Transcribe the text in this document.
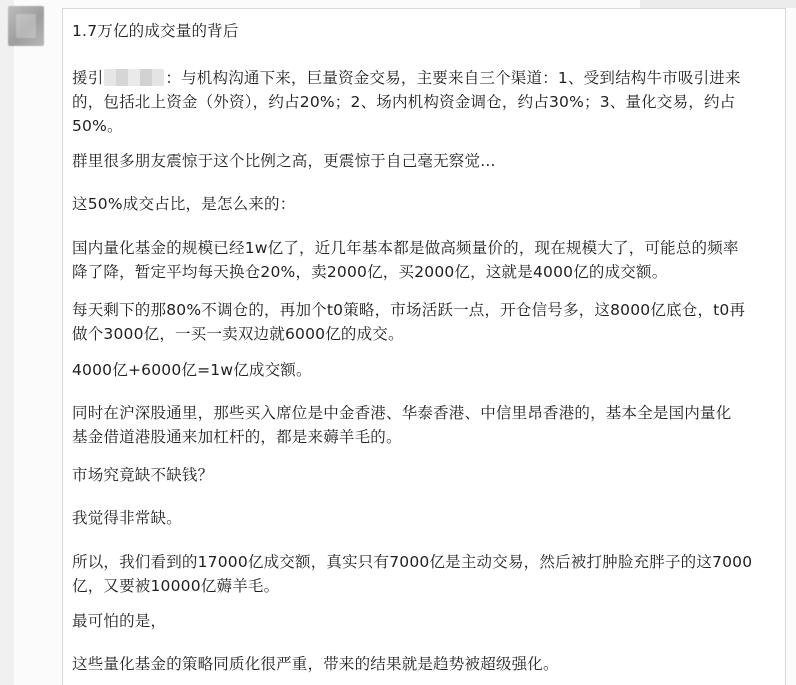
1.7万亿的成交量的背后

援引	：与机构沟通下来，巨量资金交易，主要来自三个渠道：1、受到结构牛市吸引进来
的，包括北上资金（外资），约占20%；2、场内机构资金调仓，约占30%；3、量化交易，约占
50%。

群里很多朋友震惊于这个比例之高，更震惊于自己毫无察觉...

这50%成交占比，是怎么来的：

国内量化基金的规模已经1w亿了，近几年基本都是做高频量价的，现在规模大了，可能总的频率
降了降，暂定平均每天换仓20%，卖2000亿，买2000亿，这就是4000亿的成交额。

每天剩下的那80%不调仓的，再加个t0策略，市场活跃一点，开仓信号多，这8000亿底仓，t0再
做个3000亿，一买一卖双边就6000亿的成交。

4000亿+6000亿=1w亿成交额。

同时在沪深股通里，那些买入席位是中金香港、华泰香港、中信里昂香港的，基本全是国内量化
基金借道港股通来加杠杆的，都是来薅羊毛的。

市场究竟缺不缺钱？

我觉得非常缺。

所以，我们看到的17000亿成交额，真实只有7000亿是主动交易，然后被打肿脸充胖子的这7000
亿，又要被10000亿薅羊毛。

最可怕的是，

这些量化基金的策略同质化很严重，带来的结果就是趋势被超级强化。
